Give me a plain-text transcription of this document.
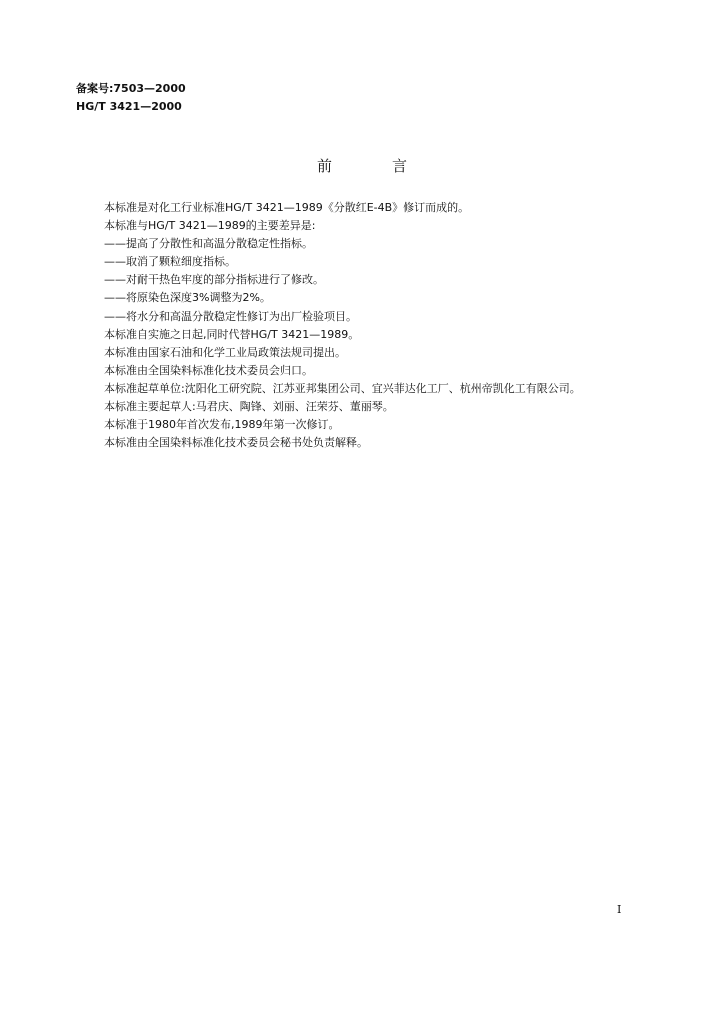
备案号:7503—2000
HG/T 3421—2000
前	言
本标准是对化工行业标准HG/T 3421—1989《分散红E-4B》修订而成的。
本标准与HG/T 3421—1989的主要差异是:
——提高了分散性和高温分散稳定性指标。
——取消了颗粒细度指标。
——对耐干热色牢度的部分指标进行了修改。
——将原染色深度3%调整为2%。
——将水分和高温分散稳定性修订为出厂检验项目。
本标准自实施之日起,同时代替HG/T 3421—1989。
本标准由国家石油和化学工业局政策法规司提出。
本标准由全国染料标准化技术委员会归口。
本标准起草单位:沈阳化工研究院、江苏亚邦集团公司、宜兴菲达化工厂、杭州帝凯化工有限公司。
本标准主要起草人:马君庆、陶锋、刘丽、汪荣芬、董丽琴。
本标准于1980年首次发布,1989年第一次修订。
本标准由全国染料标准化技术委员会秘书处负责解释。
I
